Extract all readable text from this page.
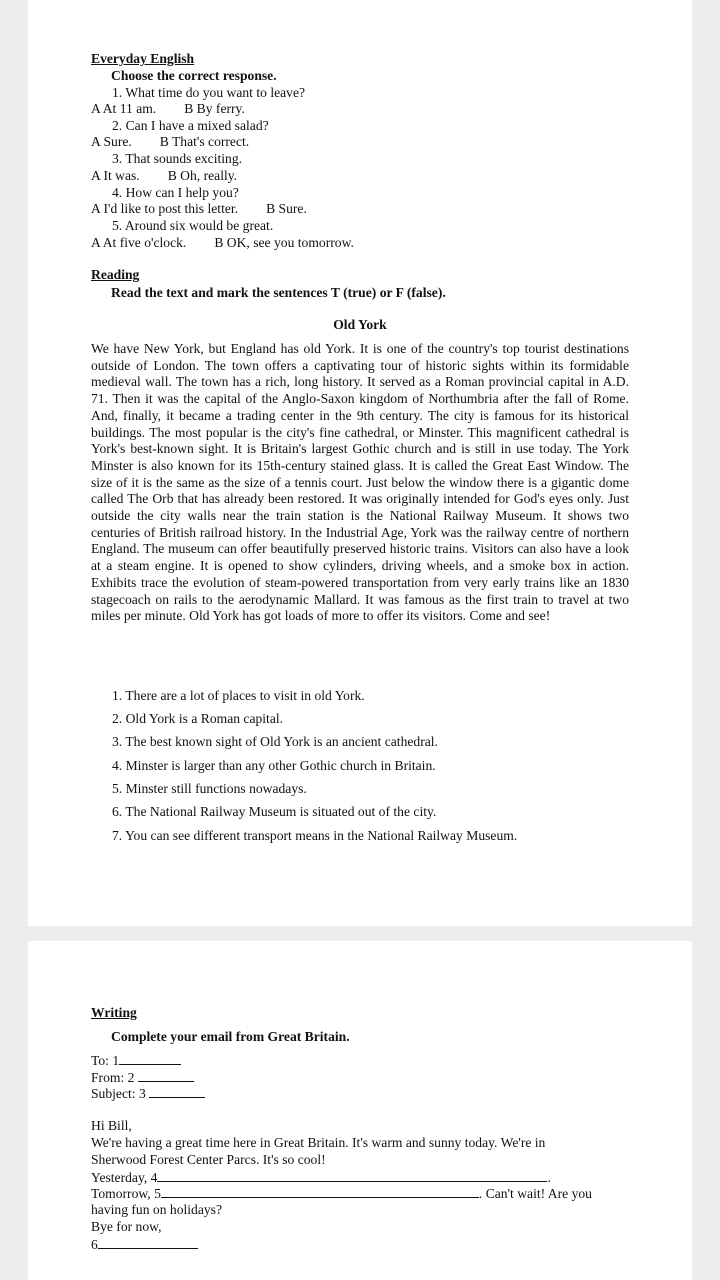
Everyday English
Choose the correct response.
1. What time do you want to leave?
A At 11 am. B By ferry.
2. Can I have a mixed salad?
A Sure. B That's correct.
3. That sounds exciting.
A It was. B Oh, really.
4. How can I help you?
A I'd like to post this letter. B Sure.
5. Around six would be great.
A At five o'clock. B OK, see you tomorrow.
Reading
Read the text and mark the sentences T (true) or F (false).
Old York
We have New York, but England has old York. It is one of the country's top tourist destinations outside of London. The town offers a captivating tour of historic sights within its formidable medieval wall. The town has a rich, long history. It served as a Roman provincial capital in A.D. 71. Then it was the capital of the Anglo-Saxon kingdom of Northumbria after the fall of Rome. And, finally, it became a trading center in the 9th century. The city is famous for its historical buildings. The most popular is the city's fine cathedral, or Minster. This magnificent cathedral is York's best-known sight. It is Britain's largest Gothic church and is still in use today. The York Minster is also known for its 15th-century stained glass. It is called the Great East Window. The size of it is the same as the size of a tennis court. Just below the window there is a gigantic dome called The Orb that has already been restored. It was originally intended for God's eyes only. Just outside the city walls near the train station is the National Railway Museum. It shows two centuries of British railroad history. In the Industrial Age, York was the railway centre of northern England. The museum can offer beautifully preserved historic trains. Visitors can also have a look at a steam engine. It is opened to show cylinders, driving wheels, and a smoke box in action. Exhibits trace the evolution of steam-powered transportation from very early trains like an 1830 stagecoach on rails to the aerodynamic Mallard. It was famous as the first train to travel at two miles per minute. Old York has got loads of more to offer its visitors. Come and see!
1. There are a lot of places to visit in old York.
2. Old York is a Roman capital.
3. The best known sight of Old York is an ancient cathedral.
4. Minster is larger than any other Gothic church in Britain.
5. Minster still functions nowadays.
6. The National Railway Museum is situated out of the city.
7. You can see different transport means in the National Railway Museum.
Writing
Complete your email from Great Britain.
To: 1
From: 2
Subject: 3
Hi Bill,
We're having a great time here in Great Britain. It's warm and sunny today. We're in
Sherwood Forest Center Parcs. It's so cool!
Yesterday, 4	.
Tomorrow, 5	. Can't wait! Are you
having fun on holidays?
Bye for now,
6
